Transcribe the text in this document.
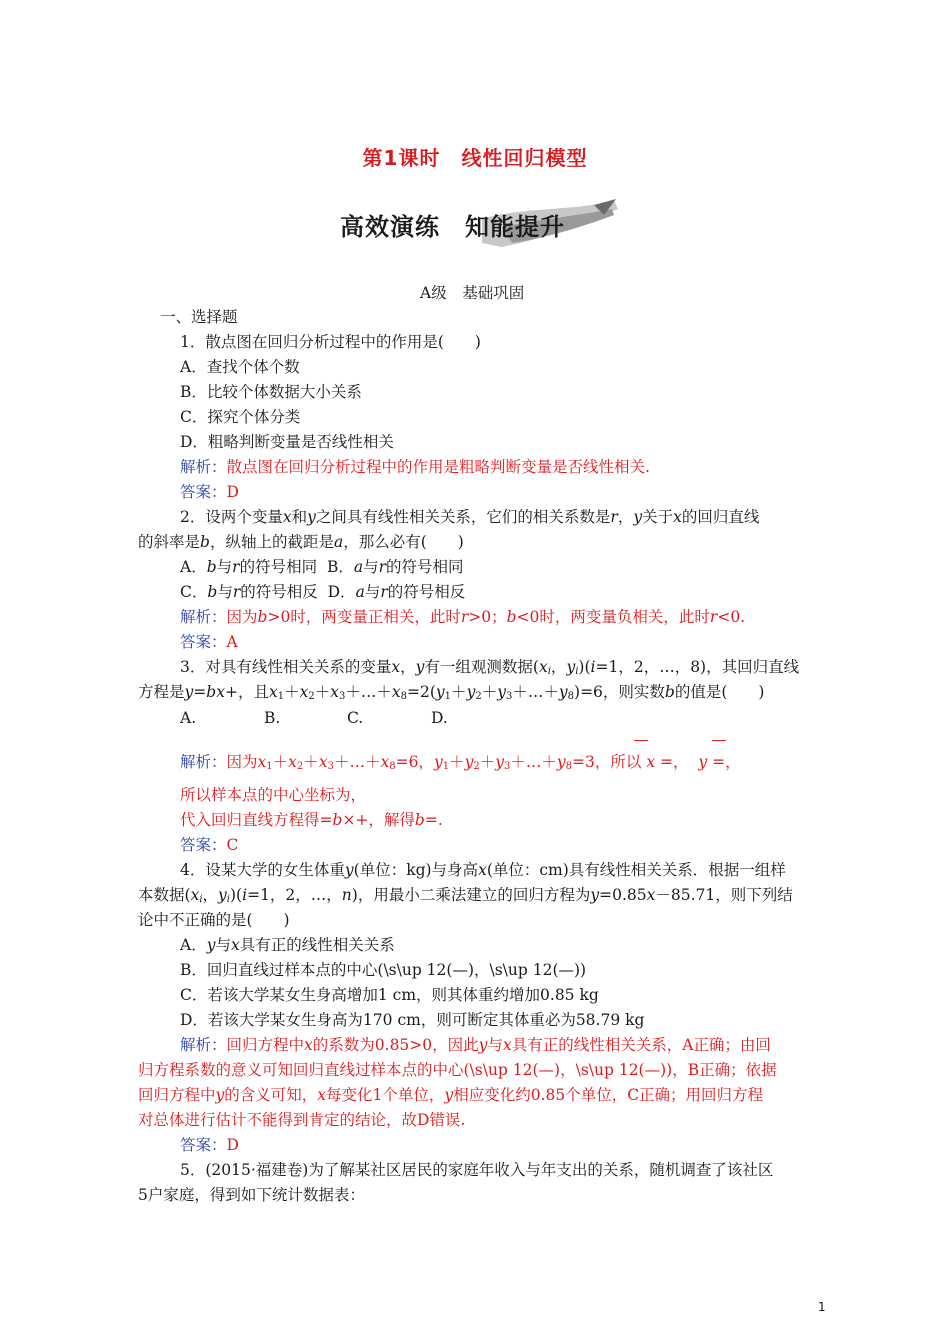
第1课时　线性回归模型
高效演练　知能提升
A级　基础巩固
一、选择题
1．散点图在回归分析过程中的作用是(　　)
A．查找个体个数
B．比较个体数据大小关系
C．探究个体分类
D．粗略判断变量是否线性相关
解析：散点图在回归分析过程中的作用是粗略判断变量是否线性相关.
答案：D
2．设两个变量x和y之间具有线性相关关系，它们的相关系数是r，y关于x的回归直线
的斜率是b，纵轴上的截距是a，那么必有(　　)
A．b与r的符号相同 B．a与r的符号相同
C．b与r的符号相反 D．a与r的符号相反
解析：因为b>0时，两变量正相关，此时r>0；b<0时，两变量负相关，此时r<0.
答案：A
3．对具有线性相关关系的变量x，y有一组观测数据($x_i$，$y_i)(i=1$，2，…，8)，其回归直线
方程是y=bx+，且$x_1+x_2+x_3+\dots+x_8=2(y_1+y_2+y_3+\dots+y_8)=6$，则实数b的值是(　　)
A.	B.	C.	D.
解析：因为$x_1+x_2+x_3+\dots+x_8=6$，$y_1+y_2+y_3+\dots+y_8=3$，所以 x =， y =，
所以样本点的中心坐标为，
代入回归直线方程得=b×+，解得b=.
答案：C
4．设某大学的女生体重y(单位：kg)与身高x(单位：cm)具有线性相关关系．根据一组样
本数据($x_i$，$y_i)(i=1$，2，…，n)，用最小二乘法建立的回归方程为y=0.85x－85.71，则下列结
论中不正确的是(　　)
A．y与x具有正的线性相关关系
B．回归直线过样本点的中心(\s\up 12(—)，\s\up 12(—))
C．若该大学某女生身高增加1 cm，则其体重约增加0.85 kg
D．若该大学某女生身高为170 cm，则可断定其体重必为58.79 kg
解析：回归方程中x的系数为0.85>0，因此y与x具有正的线性相关关系，A正确；由回
归方程系数的意义可知回归直线过样本点的中心(\s\up 12(—)，\s\up 12(—))，B正确；依据
回归方程中y的含义可知，x每变化1个单位，y相应变化约0.85个单位，C正确；用回归方程
对总体进行估计不能得到肯定的结论，故D错误.
答案：D
5．(2015·福建卷)为了解某社区居民的家庭年收入与年支出的关系，随机调查了该社区
5户家庭，得到如下统计数据表：
1
